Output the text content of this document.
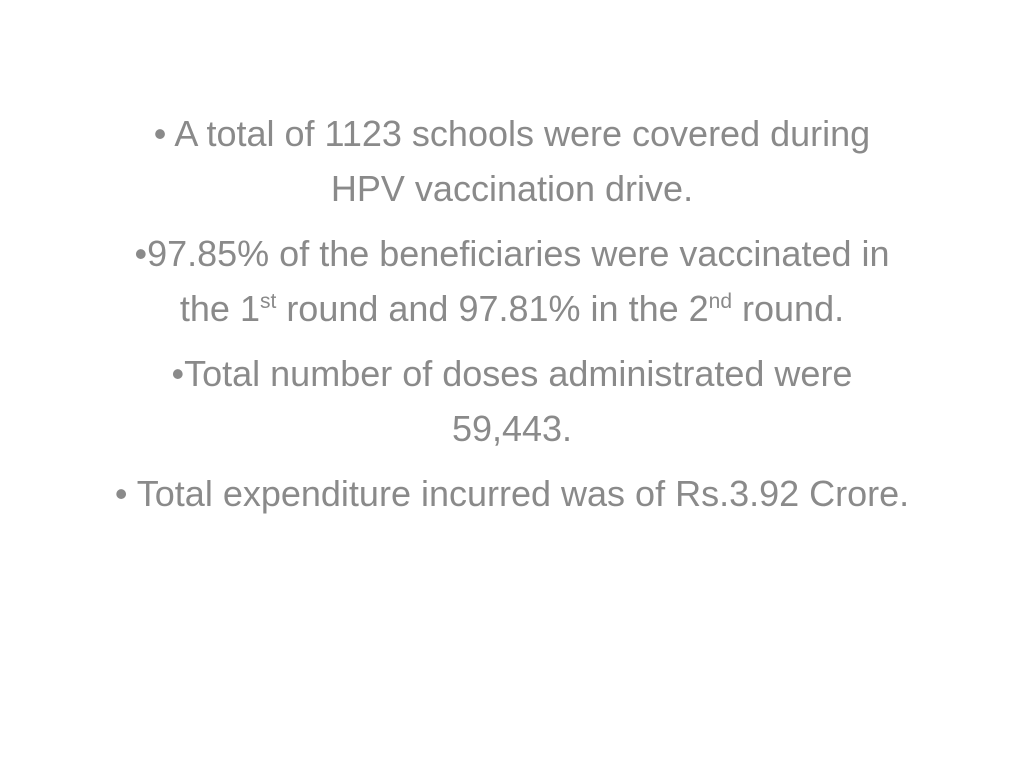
• A total of 1123 schools were covered during
HPV vaccination drive.

•97.85% of the beneficiaries were vaccinated in
the 1st round and 97.81% in the 2nd round.

•Total number of doses administrated were
59,443.

• Total expenditure incurred was of Rs.3.92 Crore.
